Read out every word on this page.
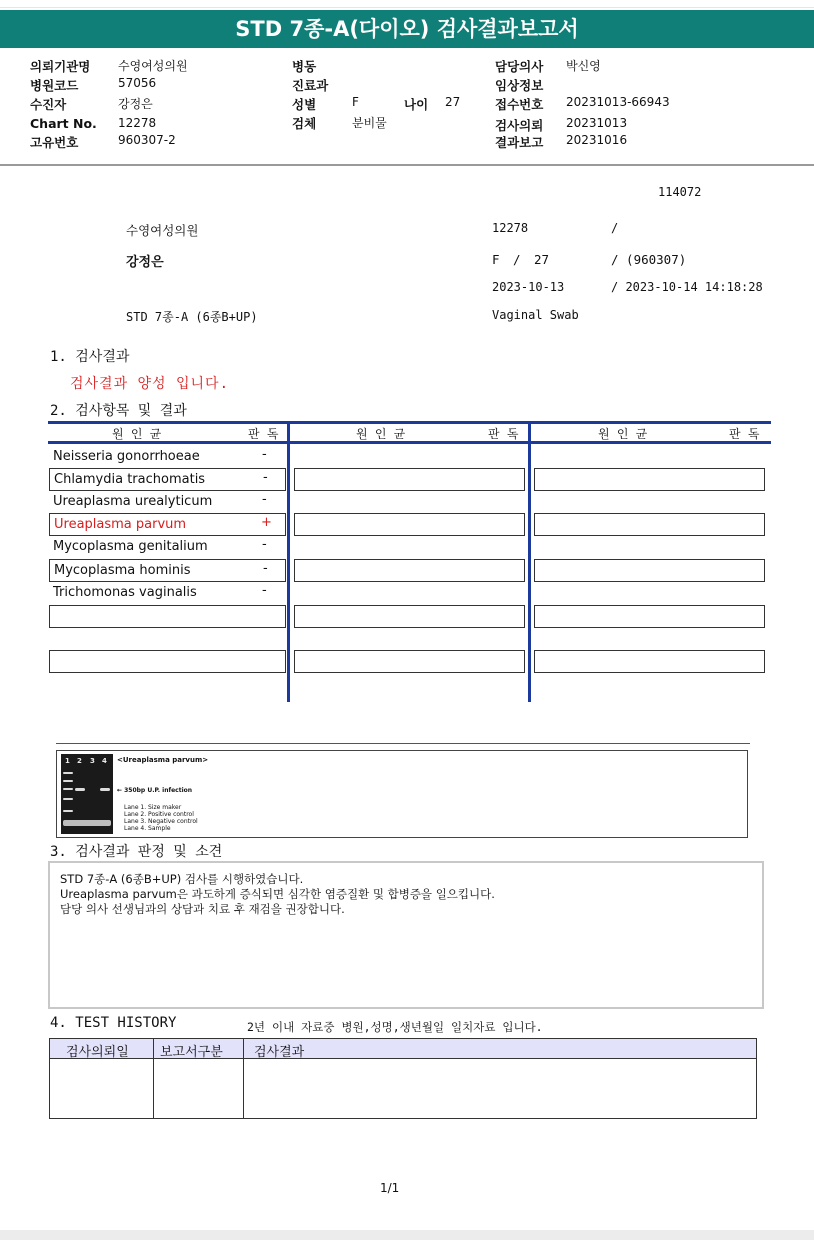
STD 7종-A(다이오) 검사결과보고서
의뢰기관명 수영여성의원
병원코드	57056
수진자	강정은
Chart No. 12278
고유번호	960307-2
병동
진료과
성별	F	나이 27
검체	분비물
담당의사 박신영
임상정보
접수번호 20231013-66943
검사의뢰 20231013
결과보고 20231016
114072
수영여성의원	12278	/
강정은	F / 27	/ (960307)
2023-10-13	/ 2023-10-14 14:18:28
STD 7종-A (6종B+UP)	Vaginal Swab
1. 검사결과
검사결과 양성 입니다.
2. 검사항목 및 결과
원 인 균	판 독	원 인 균	판 독	원 인 균	판 독
Neisseria gonorrhoeae	-
Chlamydia trachomatis	-
Ureaplasma urealyticum	-
Ureaplasma parvum	+
Mycoplasma genitalium	-
Mycoplasma hominis	-
Trichomonas vaginalis	-
1 2 3 4 <Ureaplasma parvum>
← 350bp U.P. infection
Lane 1. Size maker
Lane 2. Positive control
Lane 3. Negative control
Lane 4. Sample
3. 검사결과 판정 및 소견
STD 7종-A (6종B+UP) 검사를 시행하였습니다.
Ureaplasma parvum은 과도하게 증식되면 심각한 염증질환 및 합병증을 일으킵니다.
담당 의사 선생님과의 상담과 치료 후 재검을 권장합니다.
4. TEST HISTORY	2년 이내 자료중 병원,성명,생년월일 일치자료 입니다.
검사의뢰일 보고서구분 검사결과
1/1
